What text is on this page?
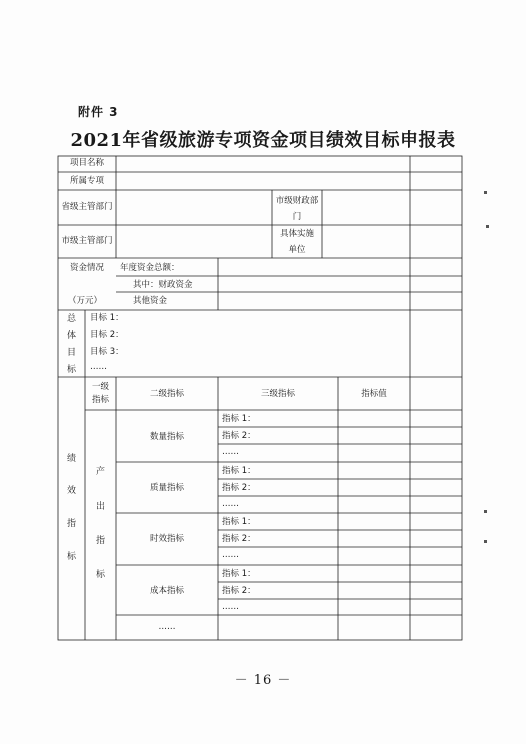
附件 3
2021年省级旅游专项资金项目绩效目标申报表
项目名称
所属专项
省级主管部门
市级财政部门
市级主管部门
具体实施单位
资金情况
（万元）
年度资金总额：
其中：财政资金
其他资金
总
体
目
标
目标 1：
目标 2：
目标 3：
……
绩
效
指
标
一级指标
二级指标	三级指标	指标值
产
出
指
标
数量指标
质量指标
时效指标
成本指标
……
指标 1：
指标 2：
……
指标 1：
指标 2：
……
指标 1：
指标 2：
……
指标 1：
指标 2：
……
－ 16 －
